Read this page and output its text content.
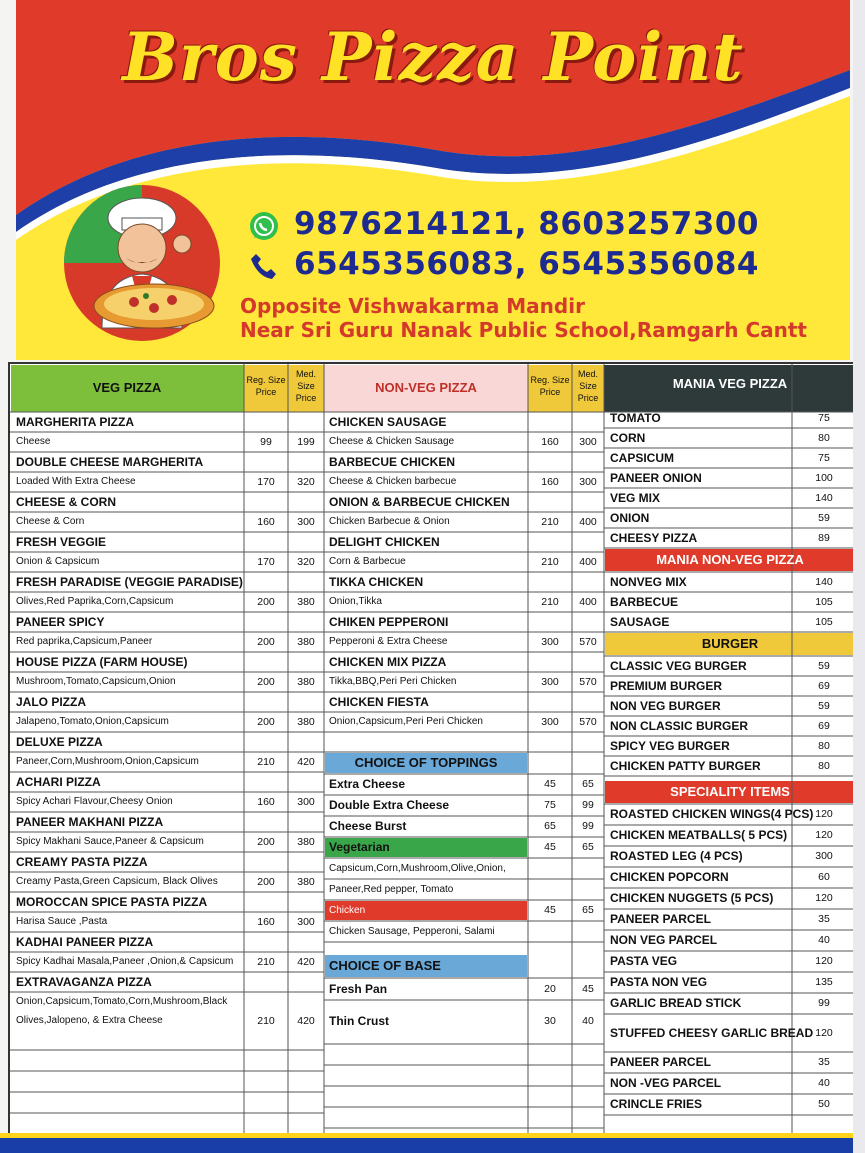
Bros Pizza Point
9876214121, 8603257300
6545356083, 6545356084
Opposite Vishwakarma Mandir
Near Sri Guru Nanak Public School,Ramgarh Cantt
VEG PIZZA	NON-VEG PIZZA	MANIA VEG PIZZA
Reg. Size
Price
Med.
Size
Price
Reg. Size
Price
Med.
Size
Price
MARGHERITA PIZZA
Cheese	99	199
DOUBLE CHEESE MARGHERITA
Loaded With Extra Cheese	170	320
CHEESE & CORN
Cheese & Corn	160	300
FRESH VEGGIE
Onion & Capsicum	170	320
FRESH PARADISE (VEGGIE PARADISE)
Olives,Red Paprika,Corn,Capsicum	200	380
PANEER SPICY
Red paprika,Capsicum,Paneer	200	380
HOUSE PIZZA (FARM HOUSE)
Mushroom,Tomato,Capsicum,Onion	200	380
JALO PIZZA
Jalapeno,Tomato,Onion,Capsicum	200	380
DELUXE PIZZA
Paneer,Corn,Mushroom,Onion,Capsicum	210	420
ACHARI PIZZA
Spicy Achari Flavour,Cheesy Onion	160	300
PANEER MAKHANI PIZZA
Spicy Makhani Sauce,Paneer & Capsicum	200	380
CREAMY PASTA PIZZA
Creamy Pasta,Green Capsicum, Black Olives	200	380
MOROCCAN SPICE PASTA PIZZA
Harisa Sauce ,Pasta	160	300
KADHAI PANEER PIZZA
Spicy Kadhai Masala,Paneer ,Onion,& Capsicum	210	420
EXTRAVAGANZA PIZZA
Onion,Capsicum,Tomato,Corn,Mushroom,Black
Olives,Jalopeno, & Extra Cheese	210	420
CHICKEN SAUSAGE
Cheese & Chicken Sausage	160	300
BARBECUE CHICKEN
Cheese & Chicken barbecue	160	300
ONION & BARBECUE CHICKEN
Chicken Barbecue & Onion	210	400
DELIGHT CHICKEN
Corn & Barbecue	210	400
TIKKA CHICKEN
Onion,Tikka	210	400
CHIKEN PEPPERONI
Pepperoni & Extra Cheese	300	570
CHICKEN MIX PIZZA
Tikka,BBQ,Peri Peri Chicken	300	570
CHICKEN FIESTA
Onion,Capsicum,Peri Peri Chicken	300	570
CHOICE OF TOPPINGS
Extra Cheese	45	65
Double Extra Cheese	75	99
Cheese Burst	65	99
Vegetarian	45	65
Capsicum,Corn,Mushroom,Olive,Onion,
Paneer,Red pepper, Tomato
Chicken	45	65
Chicken Sausage, Pepperoni, Salami
CHOICE OF BASE
Fresh Pan	20	45
Thin Crust	30	40
TOMATO	75
CORN	80
CAPSICUM	75
PANEER ONION	100
VEG MIX	140
ONION	59
CHEESY PIZZA	89
MANIA NON-VEG PIZZA
NONVEG MIX	140
BARBECUE	105
SAUSAGE	105
BURGER
CLASSIC VEG BURGER	59
PREMIUM BURGER	69
NON VEG BURGER	59
NON CLASSIC BURGER	69
SPICY VEG BURGER	80
CHICKEN PATTY BURGER	80
SPECIALITY ITEMS
ROASTED CHICKEN WINGS(4 PCS) 120
CHICKEN MEATBALLS( 5 PCS)	120
ROASTED LEG (4 PCS)	300
CHICKEN POPCORN	60
CHICKEN NUGGETS (5 PCS)	120
PANEER PARCEL	35
NON VEG PARCEL	40
PASTA VEG	120
PASTA NON VEG	135
GARLIC BREAD STICK	99
STUFFED CHEESY GARLIC BREAD 120
PANEER PARCEL	35
NON -VEG PARCEL	40
CRINCLE FRIES	50
